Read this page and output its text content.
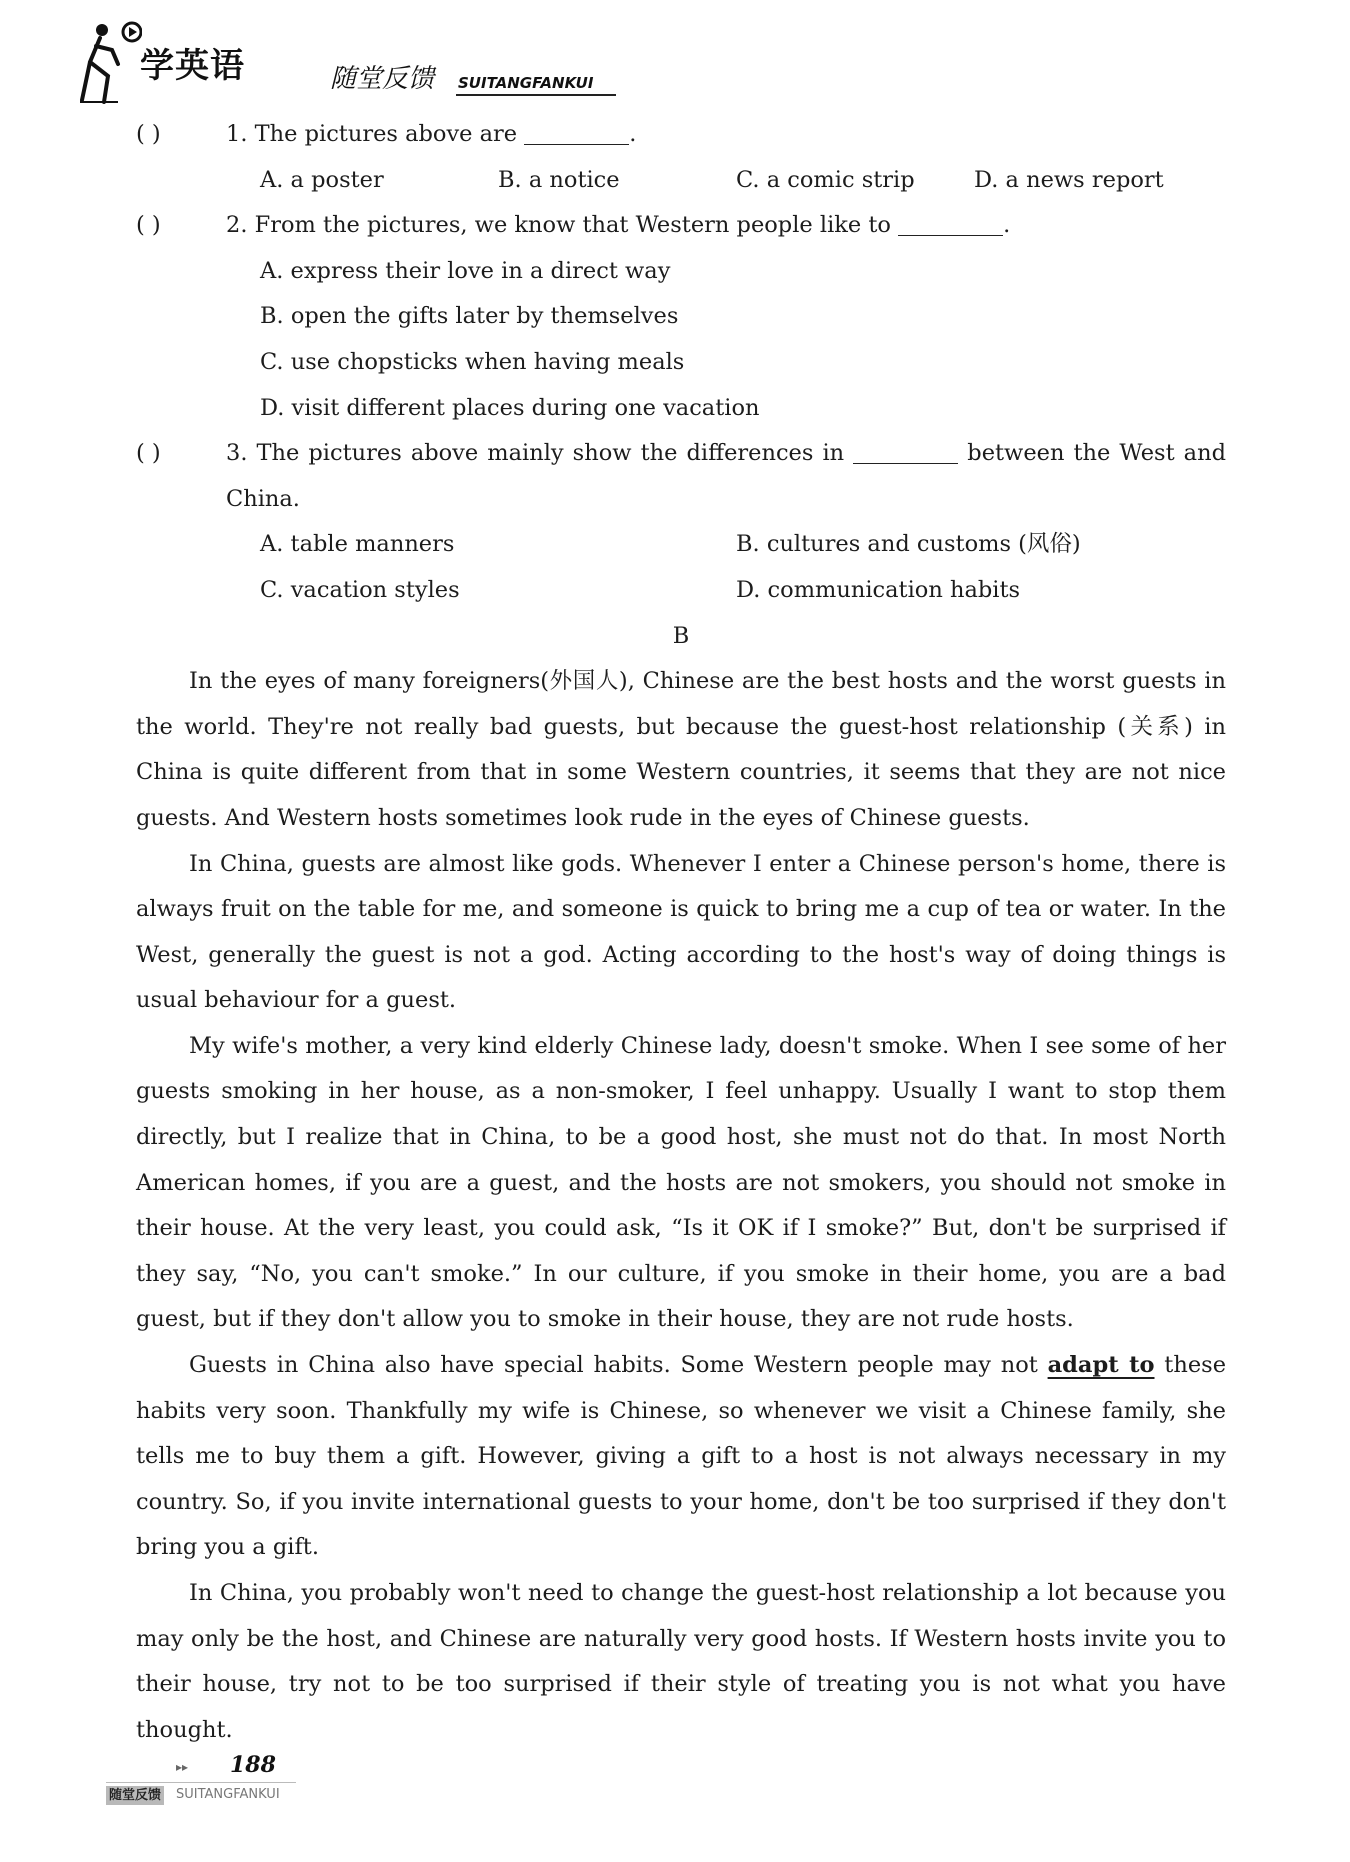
学英语	随堂反馈 SUITANGFANKUI
( )	1. The pictures above are	.
A. a poster	B. a notice	C. a comic strip	D. a news report
( )	2. From the pictures, we know that Western people like to	.
A. express their love in a direct way
B. open the gifts later by themselves
C. use chopsticks when having meals
D. visit different places during one vacation
( )	3. The pictures above mainly show the differences in	between the West and China.
A. table manners	B. cultures and customs (风俗)
C. vacation styles	D. communication habits
B
In the eyes of many foreigners(外国人), Chinese are the best hosts and the worst guests in the world. They're not really bad guests, but because the guest-host relationship (关系) in China is quite different from that in some Western countries, it seems that they are not nice guests. And Western hosts sometimes look rude in the eyes of Chinese guests.
In China, guests are almost like gods. Whenever I enter a Chinese person's home, there is always fruit on the table for me, and someone is quick to bring me a cup of tea or water. In the West, generally the guest is not a god. Acting according to the host's way of doing things is usual behaviour for a guest.
My wife's mother, a very kind elderly Chinese lady, doesn't smoke. When I see some of her guests smoking in her house, as a non-smoker, I feel unhappy. Usually I want to stop them directly, but I realize that in China, to be a good host, she must not do that. In most North American homes, if you are a guest, and the hosts are not smokers, you should not smoke in their house. At the very least, you could ask, “Is it OK if I smoke?” But, don't be surprised if they say, “No, you can't smoke.” In our culture, if you smoke in their home, you are a bad guest, but if they don't allow you to smoke in their house, they are not rude hosts.
Guests in China also have special habits. Some Western people may not adapt to these habits very soon. Thankfully my wife is Chinese, so whenever we visit a Chinese family, she tells me to buy them a gift. However, giving a gift to a host is not always necessary in my country. So, if you invite international guests to your home, don't be too surprised if they don't bring you a gift.
In China, you probably won't need to change the guest-host relationship a lot because you may only be the host, and Chinese are naturally very good hosts. If Western hosts invite you to their house, try not to be too surprised if their style of treating you is not what you have thought.
▸▸ 188
随堂反馈 SUITANGFANKUI
